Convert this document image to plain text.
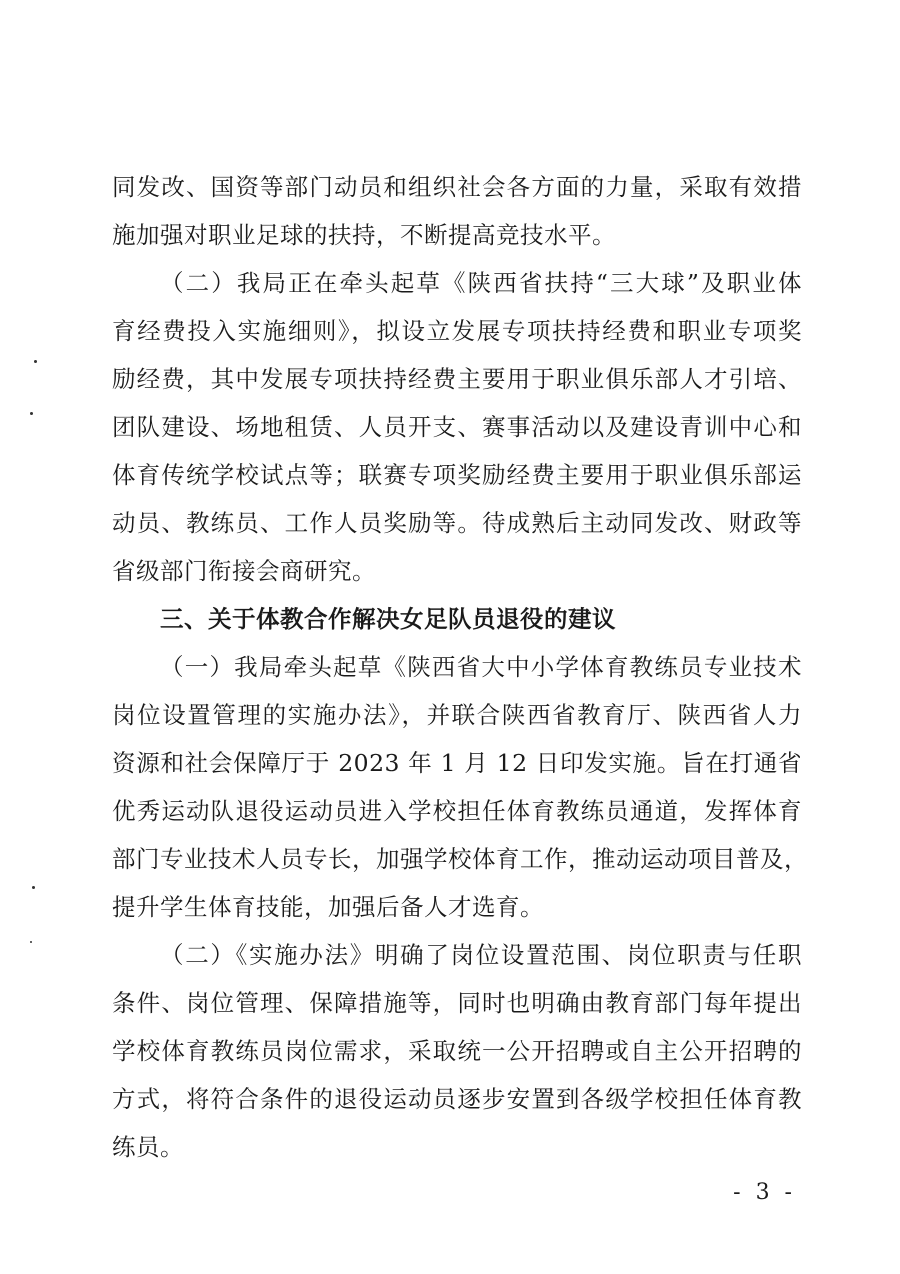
同发改、国资等部门动员和组织社会各方面的力量，采取有效措
施加强对职业足球的扶持，不断提高竞技水平。
（二）我局正在牵头起草《陕西省扶持“三大球”及职业体
育经费投入实施细则》，拟设立发展专项扶持经费和职业专项奖
励经费，其中发展专项扶持经费主要用于职业俱乐部人才引培、
团队建设、场地租赁、人员开支、赛事活动以及建设青训中心和
体育传统学校试点等；联赛专项奖励经费主要用于职业俱乐部运
动员、教练员、工作人员奖励等。待成熟后主动同发改、财政等
省级部门衔接会商研究。
三、关于体教合作解决女足队员退役的建议
（一）我局牵头起草《陕西省大中小学体育教练员专业技术
岗位设置管理的实施办法》，并联合陕西省教育厅、陕西省人力
资源和社会保障厅于 2023 年 1 月 12 日印发实施。旨在打通省
优秀运动队退役运动员进入学校担任体育教练员通道，发挥体育
部门专业技术人员专长，加强学校体育工作，推动运动项目普及，
提升学生体育技能，加强后备人才选育。
（二）《实施办法》明确了岗位设置范围、岗位职责与任职
条件、岗位管理、保障措施等，同时也明确由教育部门每年提出
学校体育教练员岗位需求，采取统一公开招聘或自主公开招聘的
方式，将符合条件的退役运动员逐步安置到各级学校担任体育教
练员。
- 3 -
